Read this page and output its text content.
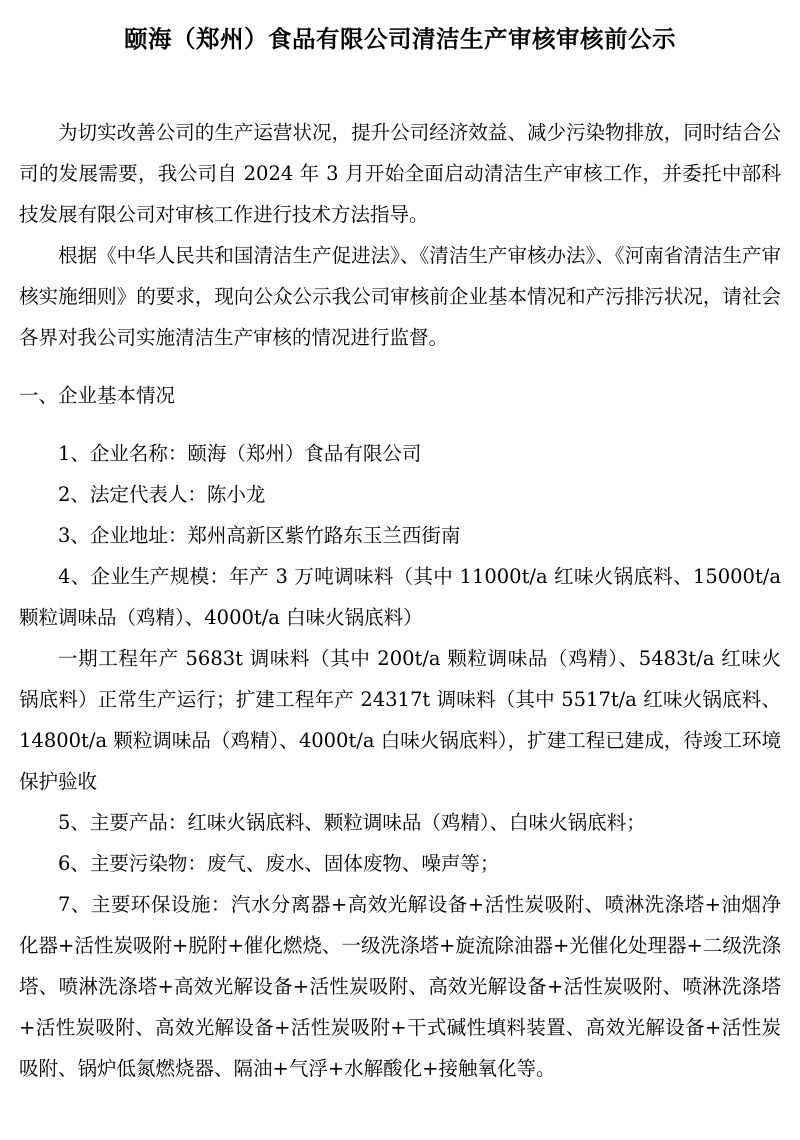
颐海（郑州）食品有限公司清洁生产审核审核前公示

为切实改善公司的生产运营状况，提升公司经济效益、减少污染物排放，同时结合公司的发展需要，我公司自 2024 年 3 月开始全面启动清洁生产审核工作，并委托中部科技发展有限公司对审核工作进行技术方法指导。

根据《中华人民共和国清洁生产促进法》、《清洁生产审核办法》、《河南省清洁生产审核实施细则》的要求，现向公众公示我公司审核前企业基本情况和产污排污状况，请社会各界对我公司实施清洁生产审核的情况进行监督。

一、企业基本情况

1、企业名称：颐海（郑州）食品有限公司

2、法定代表人：陈小龙

3、企业地址：郑州高新区紫竹路东玉兰西街南

4、企业生产规模：年产 3 万吨调味料（其中 11000t/a 红味火锅底料、15000t/a 颗粒调味品（鸡精）、4000t/a 白味火锅底料）

一期工程年产 5683t 调味料（其中 200t/a 颗粒调味品（鸡精）、5483t/a 红味火锅底料）正常生产运行；扩建工程年产 24317t 调味料（其中 5517t/a 红味火锅底料、14800t/a 颗粒调味品（鸡精）、4000t/a 白味火锅底料），扩建工程已建成，待竣工环境保护验收

5、主要产品：红味火锅底料、颗粒调味品（鸡精）、白味火锅底料；

6、主要污染物：废气、废水、固体废物、噪声等；

7、主要环保设施：汽水分离器+高效光解设备+活性炭吸附、喷淋洗涤塔+油烟净化器+活性炭吸附+脱附+催化燃烧、一级洗涤塔+旋流除油器+光催化处理器+二级洗涤塔、喷淋洗涤塔+高效光解设备+活性炭吸附、高效光解设备+活性炭吸附、喷淋洗涤塔+活性炭吸附、高效光解设备+活性炭吸附+干式碱性填料装置、高效光解设备+活性炭吸附、锅炉低氮燃烧器、隔油+气浮+水解酸化+接触氧化等。
